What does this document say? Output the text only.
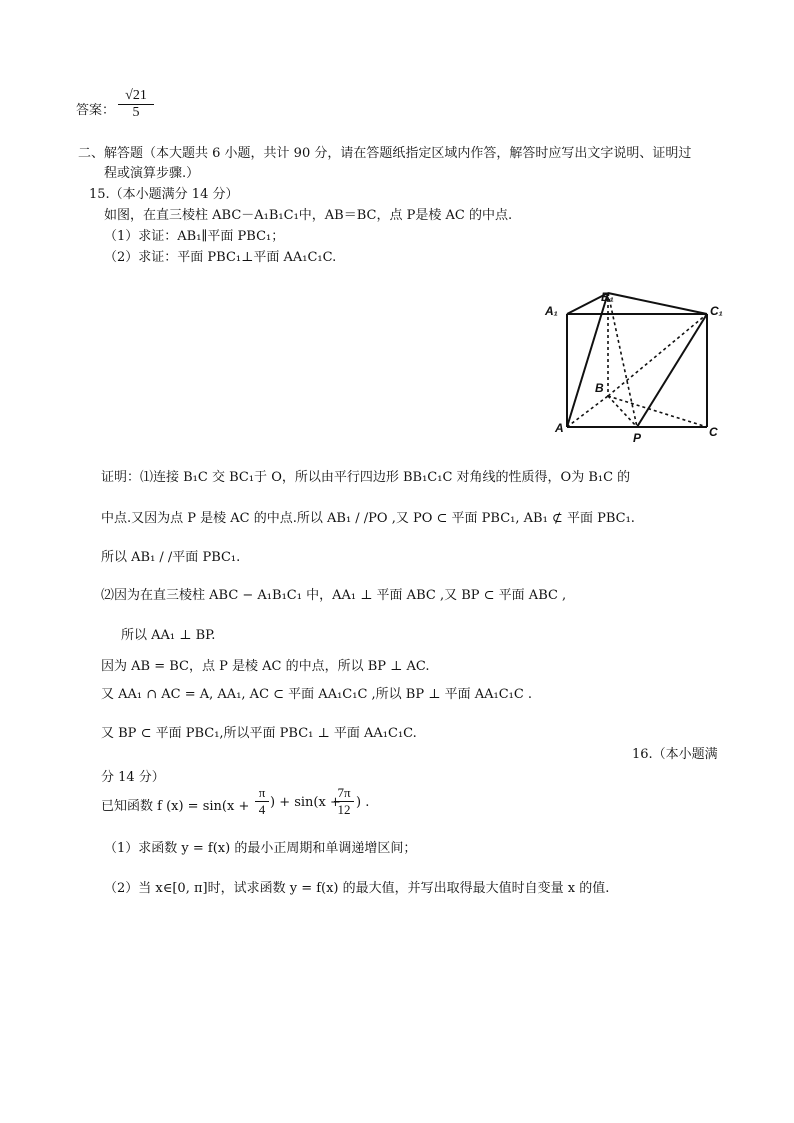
答案： $\frac{√21}{5}$
二、解答题（本大题共 6 小题，共计 90 分，请在答题纸指定区域内作答，解答时应写出文字说明、证明过
程或演算步骤.）
15.（本小题满分 14 分）
如图，在直三棱柱 ABC－A₁B₁C₁中，AB＝BC，点 P是棱 AC 的中点.
（1）求证：AB₁∥平面 PBC₁；
（2）求证：平面 PBC₁⊥平面 AA₁C₁C.
B₁
A₁	C₁
B
A
P	C
证明：⑴连接 B₁C 交 BC₁于 O，所以由平行四边形 BB₁C₁C 对角线的性质得，O为 B₁C 的
中点.又因为点 P 是棱 AC 的中点.所以 AB₁ / /PO ,又 PO ⊂ 平面 PBC₁, AB₁ ⊄ 平面 PBC₁.
所以 AB₁ / /平面 PBC₁.
⑵因为在直三棱柱 ABC − A₁B₁C₁ 中，AA₁ ⊥ 平面 ABC ,又 BP ⊂ 平面 ABC ,
所以 AA₁ ⊥ BP.
因为 AB = BC，点 P 是棱 AC 的中点，所以 BP ⊥ AC.
又 AA₁ ∩ AC = A, AA₁, AC ⊂ 平面 AA₁C₁C ,所以 BP ⊥ 平面 AA₁C₁C .
又 BP ⊂ 平面 PBC₁,所以平面 PBC₁ ⊥ 平面 AA₁C₁C.
16.（本小题满
分 14 分）
已知函数 f $(x) = \sin(x + \frac{\pi}{4}$ ) + sin(x +
$\frac{7\pi}{12}$ ) .
（1）求函数 y = f(x) 的最小正周期和单调递增区间；
（2）当 x∈[0, π]时，试求函数 y = f(x) 的最大值，并写出取得最大值时自变量 x 的值.
